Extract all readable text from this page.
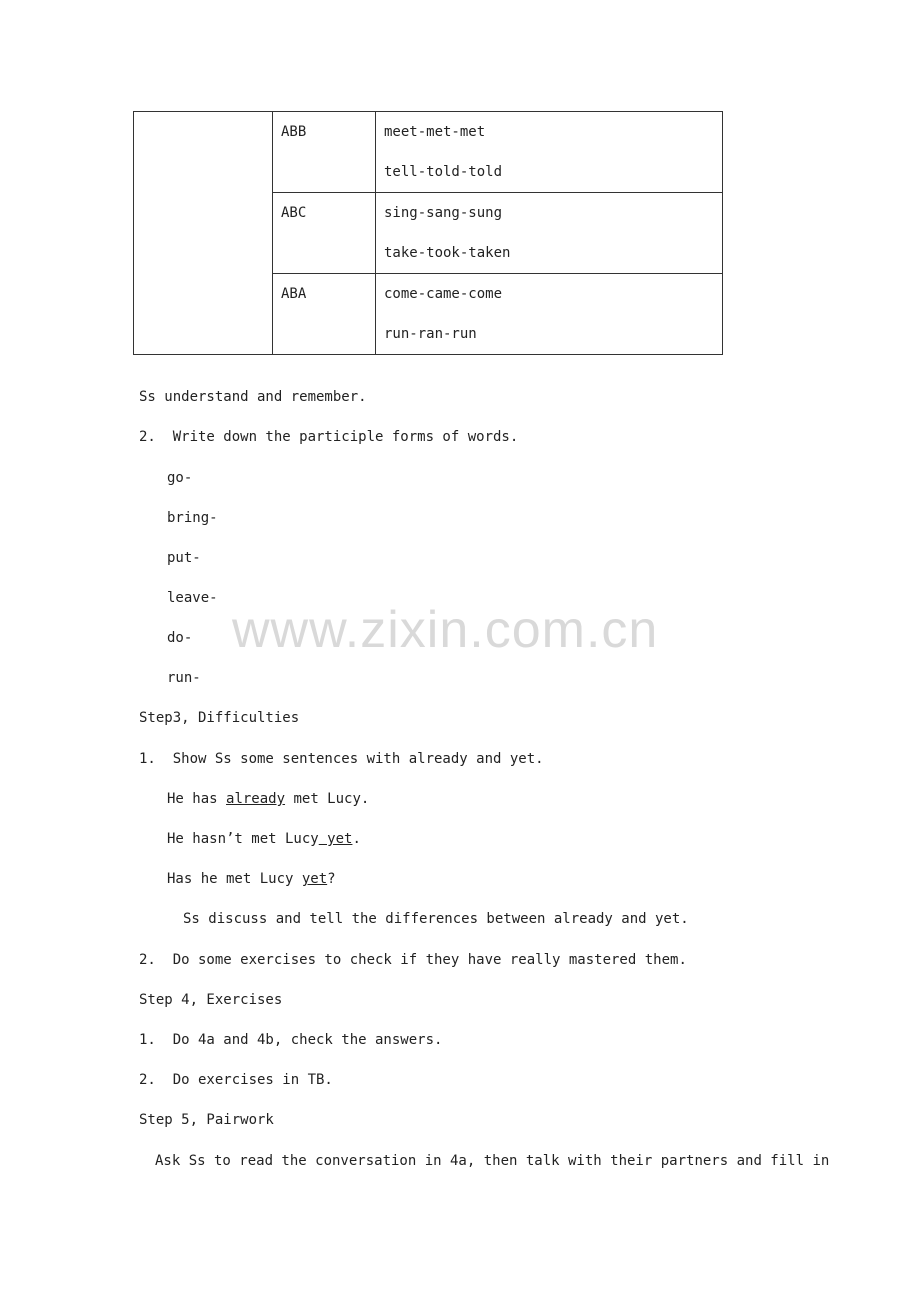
	ABB	meet-met-met
tell-told-told

	ABC	sing-sang-sung
take-took-taken

	ABA	come-came-come
run-ran-run
Ss understand and remember.
2.  Write down the participle forms of words.
go-
bring-
put-
leave-
do-
run-
Step3, Difficulties
1.  Show Ss some sentences with already and yet.
He has already met Lucy.
He hasn’t met Lucy yet.
Has he met Lucy yet?
Ss discuss and tell the differences between already and yet.
2.  Do some exercises to check if they have really mastered them.
Step 4, Exercises
1.  Do 4a and 4b, check the answers.
2.  Do exercises in TB.
Step 5, Pairwork
Ask Ss to read the conversation in 4a, then talk with their partners and fill in
www.zixin.com.cn
